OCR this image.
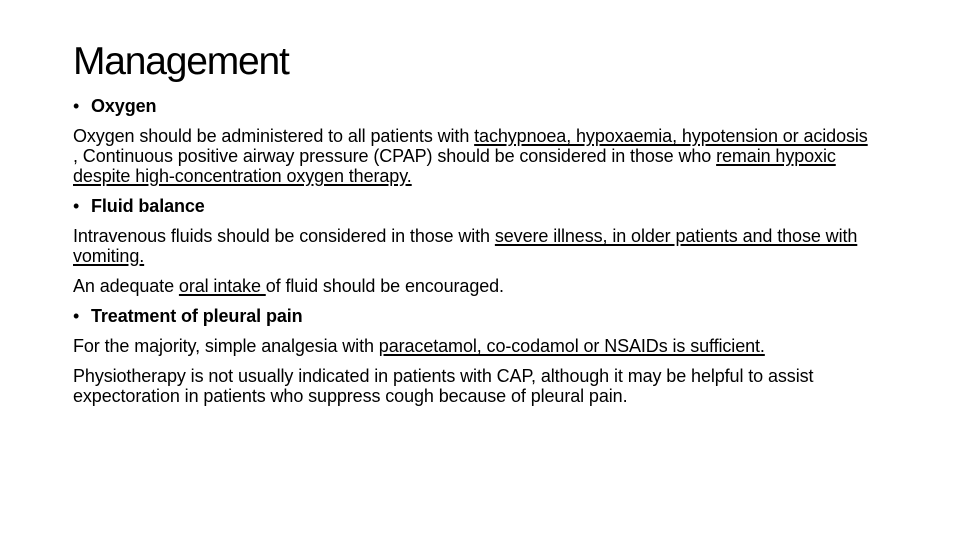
Management

• Oxygen

Oxygen should be administered to all patients with tachypnoea, hypoxaemia, hypotension or acidosis , Continuous positive airway pressure (CPAP) should be considered in those who remain hypoxic despite high-concentration oxygen therapy.

• Fluid balance

Intravenous fluids should be considered in those with severe illness, in older patients and those with vomiting.

An adequate oral intake of fluid should be encouraged.

• Treatment of pleural pain

For the majority, simple analgesia with paracetamol, co-codamol or NSAIDs is sufficient.

Physiotherapy is not usually indicated in patients with CAP, although it may be helpful to assist expectoration in patients who suppress cough because of pleural pain.
